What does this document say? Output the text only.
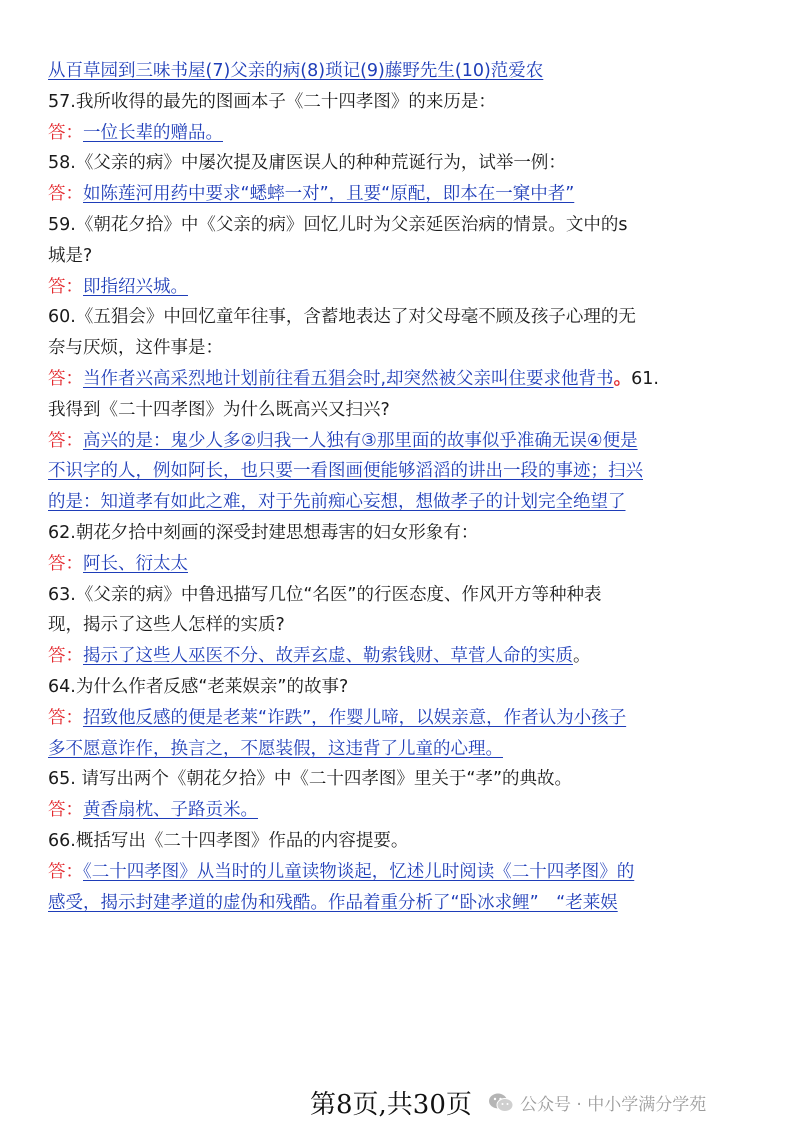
从百草园到三味书屋(7)父亲的病(8)琐记(9)藤野先生(10)范爱农
57.我所收得的最先的图画本子《二十四孝图》的来历是：
答：一位长辈的赠品。
58.《父亲的病》中屡次提及庸医误人的种种荒诞行为，试举一例：
答：如陈莲河用药中要求“蟋蟀一对”，且要“原配，即本在一窠中者”
59.《朝花夕拾》中《父亲的病》回忆儿时为父亲延医治病的情景。文中的s
城是?
答：即指绍兴城。
60.《五猖会》中回忆童年往事，含蓄地表达了对父母毫不顾及孩子心理的无
奈与厌烦，这件事是：
答：当作者兴高采烈地计划前往看五猖会时,却突然被父亲叫住要求他背书。61.
我得到《二十四孝图》为什么既高兴又扫兴?
答：高兴的是：鬼少人多②归我一人独有③那里面的故事似乎准确无误④便是
不识字的人，例如阿长，也只要一看图画便能够滔滔的讲出一段的事迹；扫兴
的是：知道孝有如此之难，对于先前痴心妄想，想做孝子的计划完全绝望了
62.朝花夕拾中刻画的深受封建思想毒害的妇女形象有：
答：阿长、衍太太
63.《父亲的病》中鲁迅描写几位“名医”的行医态度、作风开方等种种表
现，揭示了这些人怎样的实质?
答：揭示了这些人巫医不分、故弄玄虚、勒索钱财、草菅人命的实质。
64.为什么作者反感“老莱娱亲”的故事?
答：招致他反感的便是老莱“诈跌”，作婴儿啼，以娱亲意，作者认为小孩子
多不愿意诈作，换言之，不愿装假，这违背了儿童的心理。
65. 请写出两个《朝花夕拾》中《二十四孝图》里关于“孝”的典故。
答：黄香扇枕、子路贡米。
66.概括写出《二十四孝图》作品的内容提要。
答：《二十四孝图》从当时的儿童读物谈起，忆述儿时阅读《二十四孝图》的
感受，揭示封建孝道的虚伪和残酷。作品着重分析了“卧冰求鲤”　“老莱娱
第8页,共30页	公众号 · 中小学满分学苑
